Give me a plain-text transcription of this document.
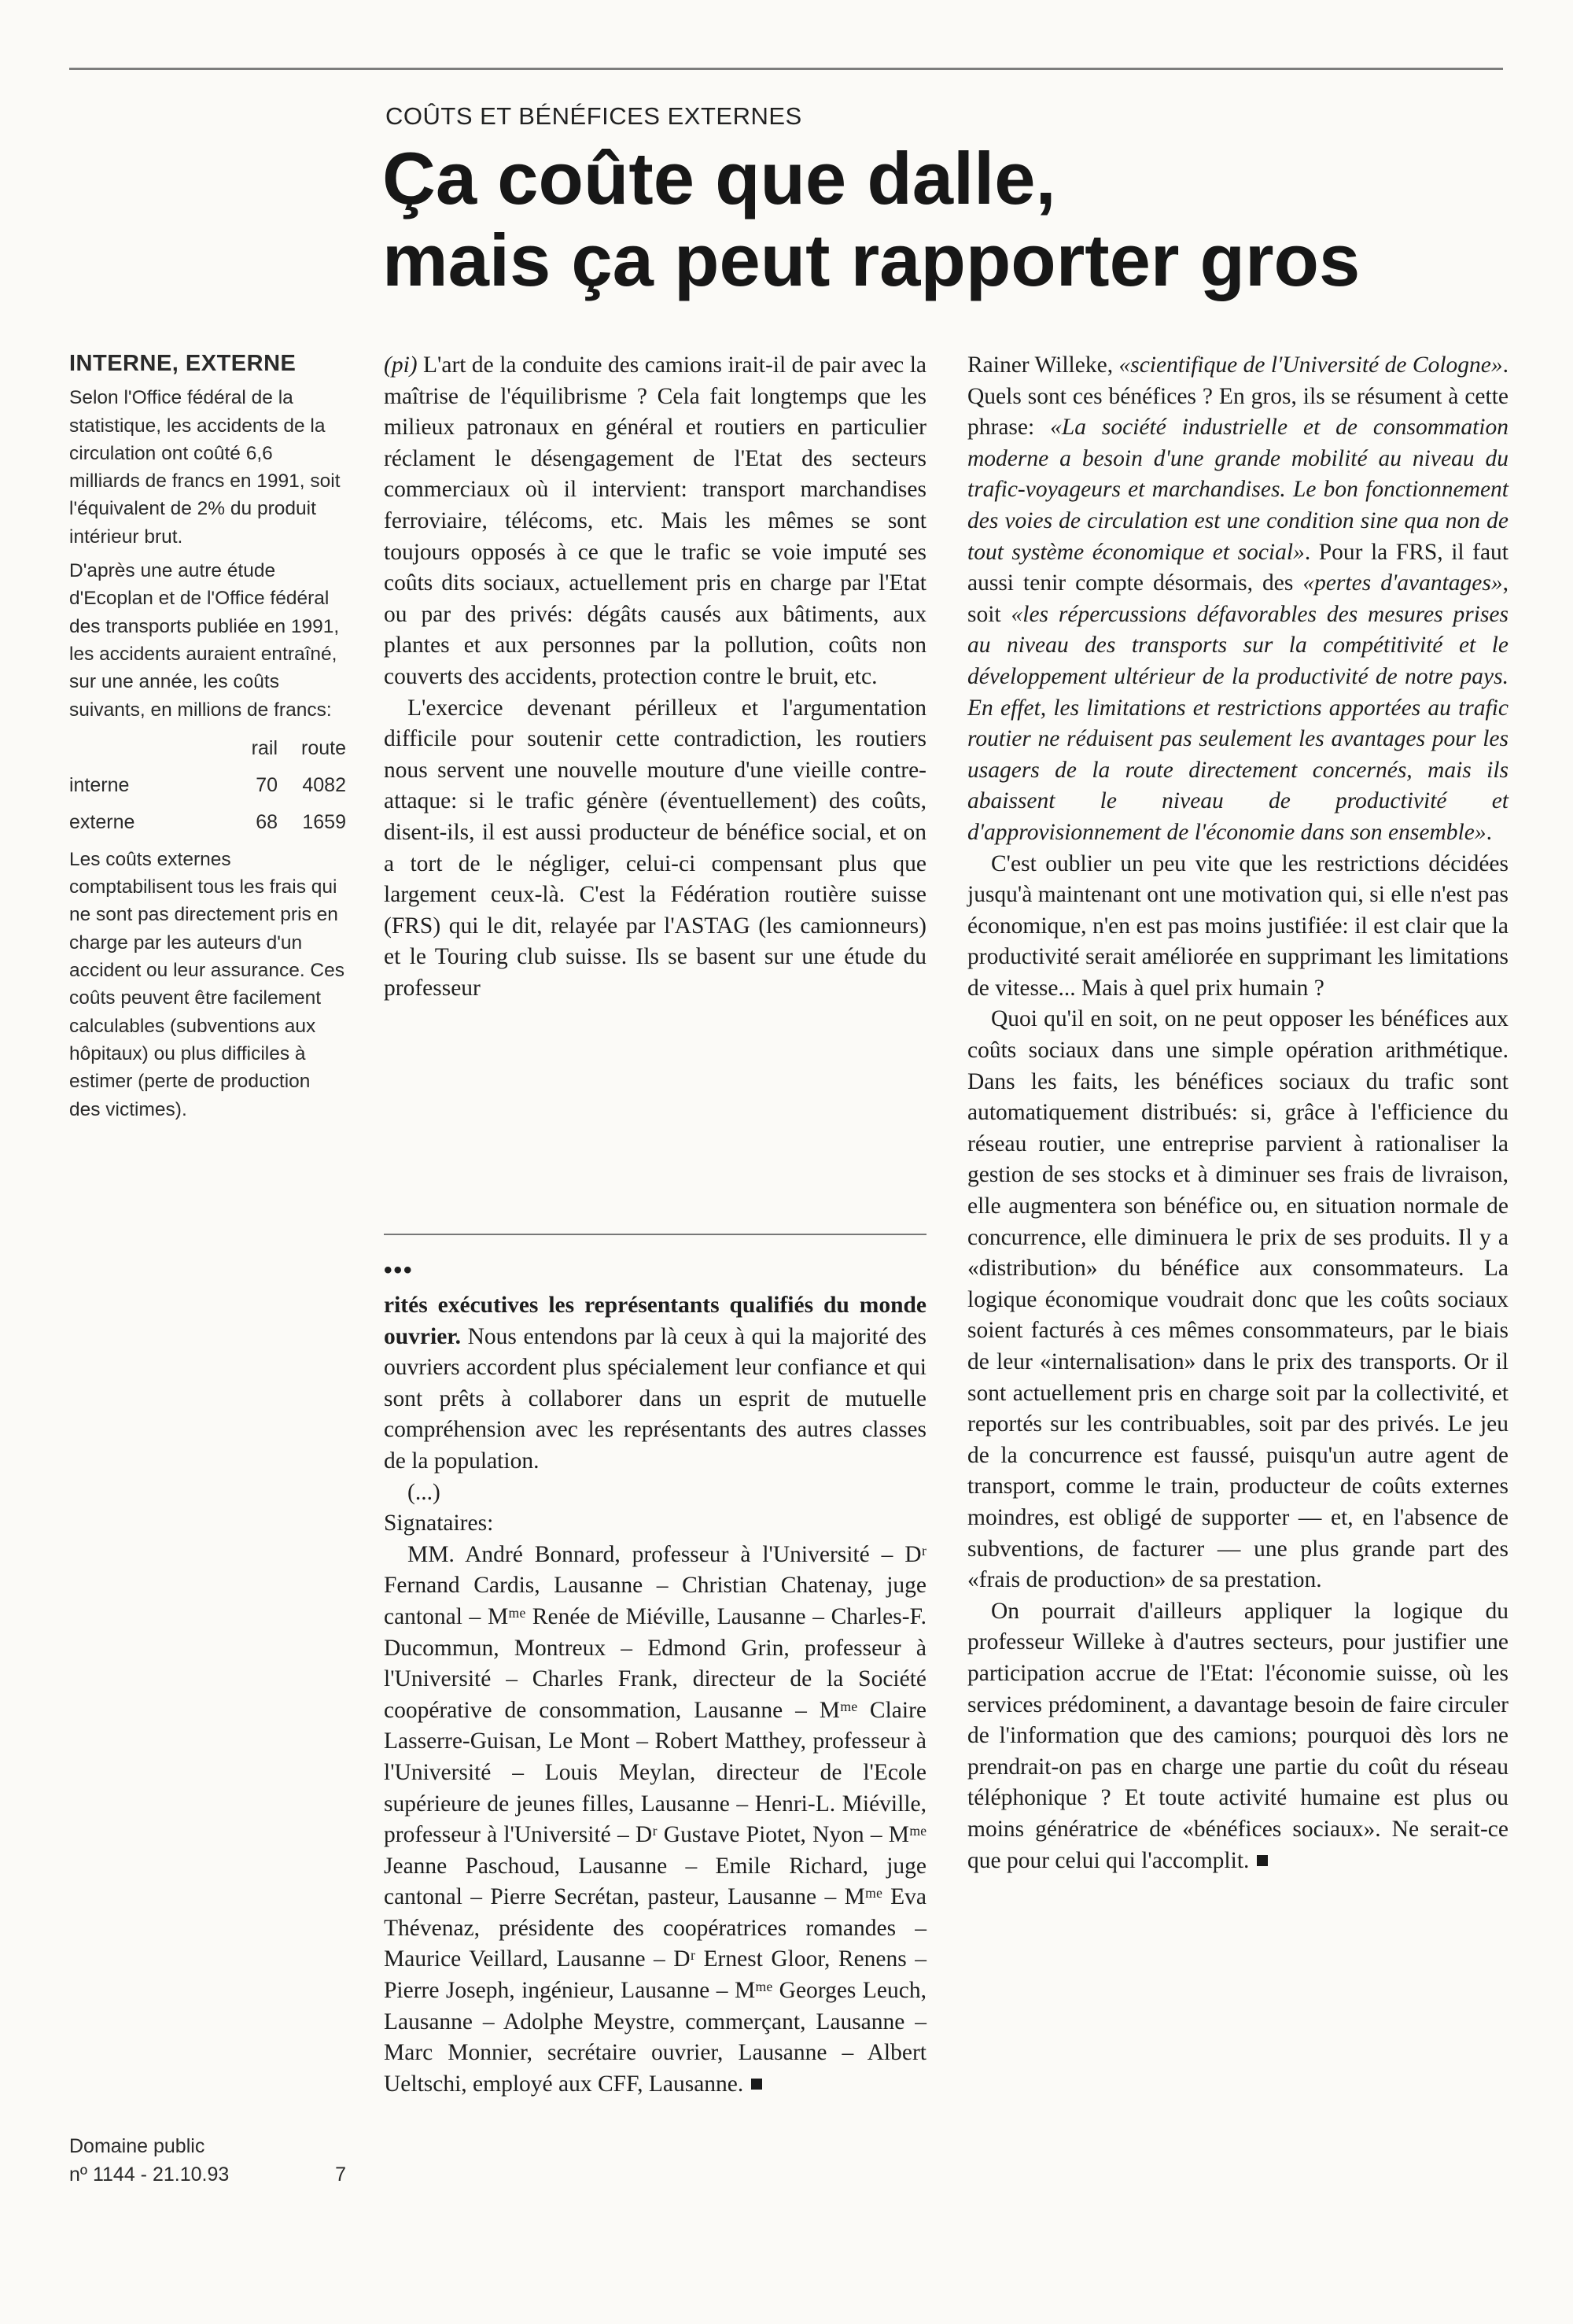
COÛTS ET BÉNÉFICES EXTERNES
Ça coûte que dalle,
mais ça peut rapporter gros
INTERNE, EXTERNE

Selon l'Office fédéral de la statistique, les accidents de la circulation ont coûté 6,6 milliards de francs en 1991, soit l'équivalent de 2% du produit intérieur brut.

D'après une autre étude d'Ecoplan et de l'Office fédéral des transports publiée en 1991, les accidents auraient entraîné, sur une année, les coûts suivants, en millions de francs:

	rail	route
interne	70	4082
externe	68	1659

Les coûts externes comptabilisent tous les frais qui ne sont pas directement pris en charge par les auteurs d'un accident ou leur assurance. Ces coûts peuvent être facilement calculables (subventions aux hôpitaux) ou plus difficiles à estimer (perte de production des victimes).

Domaine public
nº 1144 - 21.10.93	7

(pi) L'art de la conduite des camions irait-il de pair avec la maîtrise de l'équilibrisme ? Cela fait longtemps que les milieux patronaux en général et routiers en particulier réclament le désengagement de l'Etat des secteurs commerciaux où il intervient: transport marchandises ferroviaire, télécoms, etc. Mais les mêmes se sont toujours opposés à ce que le trafic se voie imputé ses coûts dits sociaux, actuellement pris en charge par l'Etat ou par des privés: dégâts causés aux bâtiments, aux plantes et aux personnes par la pollution, coûts non couverts des accidents, protection contre le bruit, etc.

L'exercice devenant périlleux et l'argumentation difficile pour soutenir cette contradiction, les routiers nous servent une nouvelle mouture d'une vieille contre-attaque: si le trafic génère (éventuellement) des coûts, disent-ils, il est aussi producteur de bénéfice social, et on a tort de le négliger, celui-ci compensant plus que largement ceux-là. C'est la Fédération routière suisse (FRS) qui le dit, relayée par l'ASTAG (les camionneurs) et le Touring club suisse. Ils se basent sur une étude du professeur

•••

rités exécutives les représentants qualifiés du monde ouvrier. Nous entendons par là ceux à qui la majorité des ouvriers accordent plus spécialement leur confiance et qui sont prêts à collaborer dans un esprit de mutuelle compréhension avec les représentants des autres classes de la population.

(...)

Signataires:

MM. André Bonnard, professeur à l'Université – Dʳ Fernand Cardis, Lausanne – Christian Chatenay, juge cantonal – Mᵐᵉ Renée de Miéville, Lausanne – Charles-F. Ducommun, Montreux – Edmond Grin, professeur à l'Université – Charles Frank, directeur de la Société coopérative de consommation, Lausanne – Mᵐᵉ Claire Lasserre-Guisan, Le Mont – Robert Matthey, professeur à l'Université – Louis Meylan, directeur de l'Ecole supérieure de jeunes filles, Lausanne – Henri-L. Miéville, professeur à l'Université – Dʳ Gustave Piotet, Nyon – Mᵐᵉ Jeanne Paschoud, Lausanne – Emile Richard, juge cantonal – Pierre Secrétan, pasteur, Lausanne – Mᵐᵉ Eva Thévenaz, présidente des coopératrices romandes – Maurice Veillard, Lausanne – Dʳ Ernest Gloor, Renens – Pierre Joseph, ingénieur, Lausanne – Mᵐᵉ Georges Leuch, Lausanne – Adolphe Meystre, commerçant, Lausanne – Marc Monnier, secrétaire ouvrier, Lausanne – Albert Ueltschi, employé aux CFF, Lausanne.

Rainer Willeke, «scientifique de l'Université de Cologne». Quels sont ces bénéfices ? En gros, ils se résument à cette phrase: «La société industrielle et de consommation moderne a besoin d'une grande mobilité au niveau du trafic-voyageurs et marchandises. Le bon fonctionnement des voies de circulation est une condition sine qua non de tout système économique et social». Pour la FRS, il faut aussi tenir compte désormais, des «pertes d'avantages», soit «les répercussions défavorables des mesures prises au niveau des transports sur la compétitivité et le développement ultérieur de la productivité de notre pays. En effet, les limitations et restrictions apportées au trafic routier ne réduisent pas seulement les avantages pour les usagers de la route directement concernés, mais ils abaissent le niveau de productivité et d'approvisionnement de l'économie dans son ensemble».

C'est oublier un peu vite que les restrictions décidées jusqu'à maintenant ont une motivation qui, si elle n'est pas économique, n'en est pas moins justifiée: il est clair que la productivité serait améliorée en supprimant les limitations de vitesse... Mais à quel prix humain ?

Quoi qu'il en soit, on ne peut opposer les bénéfices aux coûts sociaux dans une simple opération arithmétique. Dans les faits, les bénéfices sociaux du trafic sont automatiquement distribués: si, grâce à l'efficience du réseau routier, une entreprise parvient à rationaliser la gestion de ses stocks et à diminuer ses frais de livraison, elle augmentera son bénéfice ou, en situation normale de concurrence, elle diminuera le prix de ses produits. Il y a «distribution» du bénéfice aux consommateurs. La logique économique voudrait donc que les coûts sociaux soient facturés à ces mêmes consommateurs, par le biais de leur «internalisation» dans le prix des transports. Or il sont actuellement pris en charge soit par la collectivité, et reportés sur les contribuables, soit par des privés. Le jeu de la concurrence est faussé, puisqu'un autre agent de transport, comme le train, producteur de coûts externes moindres, est obligé de supporter — et, en l'absence de subventions, de facturer — une plus grande part des «frais de production» de sa prestation.

On pourrait d'ailleurs appliquer la logique du professeur Willeke à d'autres secteurs, pour justifier une participation accrue de l'Etat: l'économie suisse, où les services prédominent, a davantage besoin de faire circuler de l'information que des camions; pourquoi dès lors ne prendrait-on pas en charge une partie du coût du réseau téléphonique ? Et toute activité humaine est plus ou moins génératrice de «bénéfices sociaux». Ne serait-ce que pour celui qui l'accomplit.
